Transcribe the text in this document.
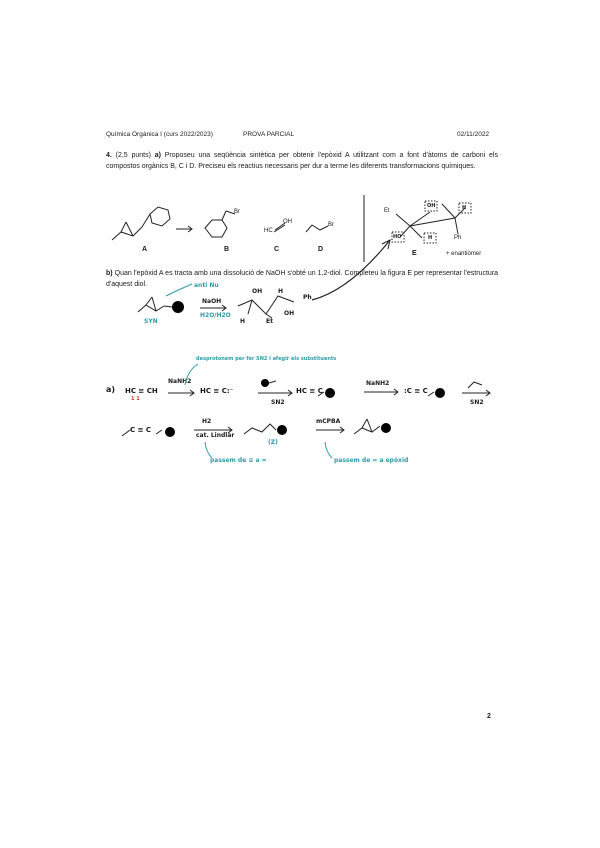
Química Orgànica I (curs 2022/2023)	PROVA PARCIAL	02/11/2022
4. (2,5 punts) a) Proposeu una seqüència sintètica per obtenir l'epòxid A utilitzant com a font d'àtoms de carboni els compostos orgànics B, C i D. Preciseu els reactius necessaris per dur a terme les diferents transformacions químiques.
A	B	C	D
E
Br
Br
OH
HC
+ enantiòmer
Et
Ph
OH
HO
H
H
b) Quan l'epòxid A es tracta amb una dissolució de NaOH s'obté un 1,2-diol. Completeu la figura E per representar l'estructura d'aquest diol.
SYN
anti Nu
NaOH
H2O/H2O
OH
OH
H	Et
Ph
H
a) HC ≡ CH
1 1
NaNH2
desprotonem per fer SN2 i afegir els substituents
HC ≡ C:⁻
SN2
HC ≡ C
NaNH2
:C ≡ C
SN2
C ≡ C
H2
cat. Lindlar
passem de ≡ a =
(Z)
mCPBA
passem de = a epòxid
2
